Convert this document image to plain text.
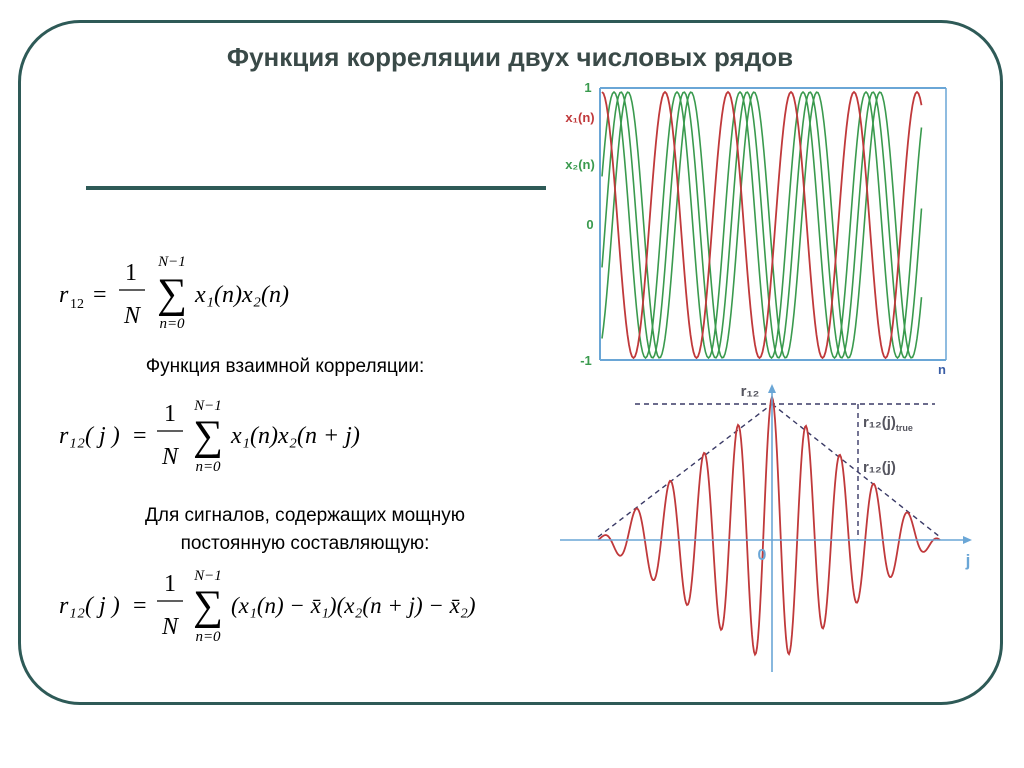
Функция корреляции двух числовых рядов
r 12 =
1
N
N−1
∑
n=0
x₁(n)x₂(n)
Функция взаимной корреляции:
r₁₂( j ) =
1
N
N−1
∑
n=0
x₁(n)x₂(n + j)
Для сигналов, содержащих мощную
постоянную составляющую:
r₁₂( j ) =
1
N
N−1
∑
n=0
(x₁(n) − x̄₁)(x₂(n + j) − x̄₂)
1
x₁(n)
x₂(n)
0
-1
n
r₁₂
j
0
$r_{12}(j)_{true}$
r₁₂(j)
